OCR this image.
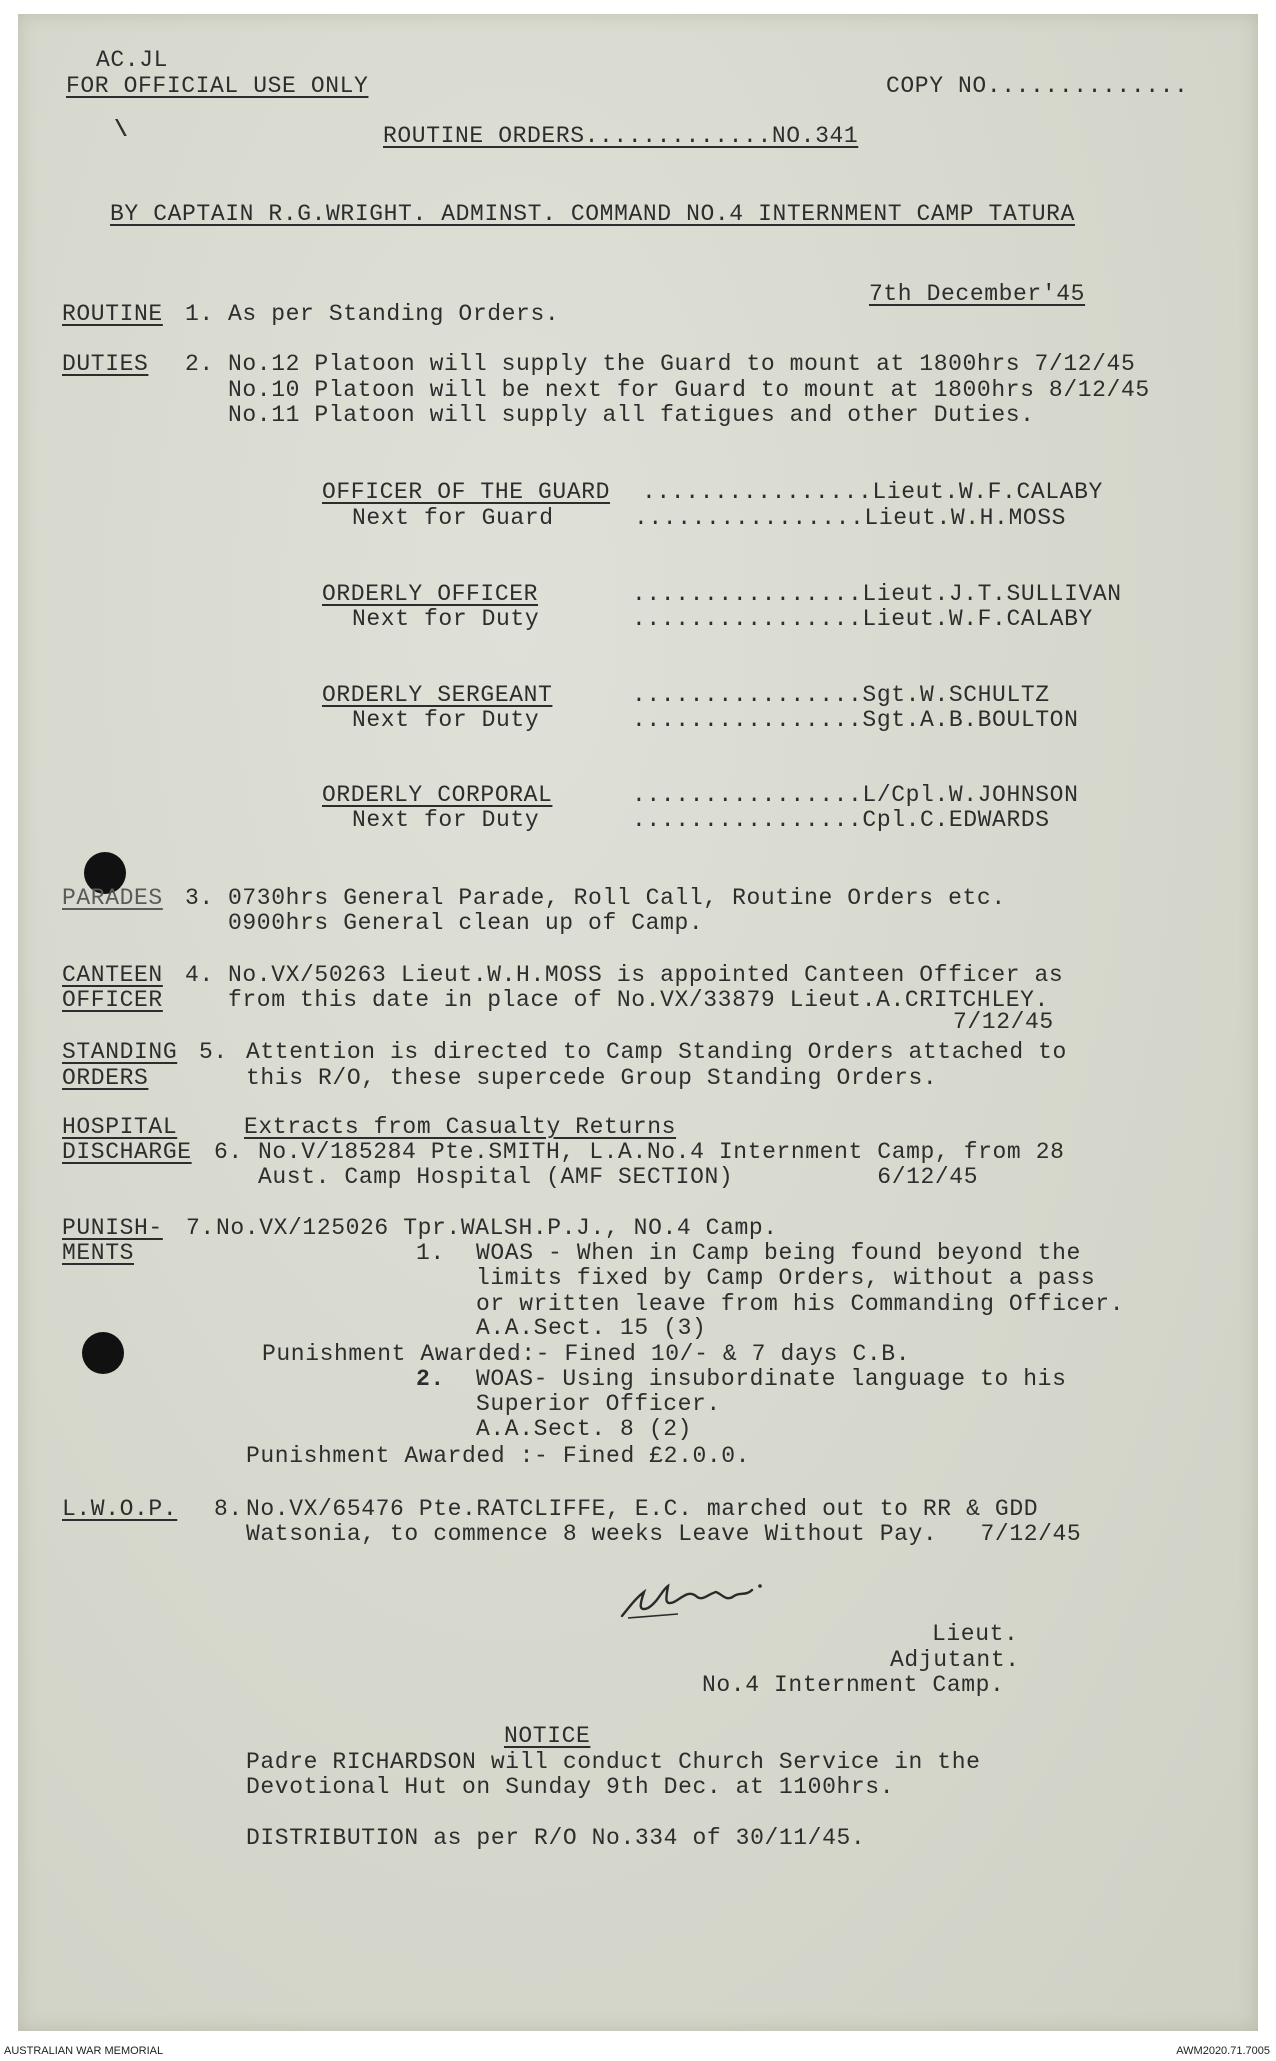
AC.JL
FOR OFFICIAL USE ONLY	COPY NO..............
\	ROUTINE ORDERS.............NO.341
BY CAPTAIN R.G.WRIGHT. ADMINST. COMMAND NO.4 INTERNMENT CAMP TATURA
7th December'45
ROUTINE 1. As per Standing Orders.
DUTIES 2. No.12 Platoon will supply the Guard to mount at 1800hrs 7/12/45
No.10 Platoon will be next for Guard to mount at 1800hrs 8/12/45
No.11 Platoon will supply all fatigues and other Duties.
OFFICER OF THE GUARD ................Lieut.W.F.CALABY
Next for Guard	................Lieut.W.H.MOSS
ORDERLY OFFICER	................Lieut.J.T.SULLIVAN
Next for Duty	................Lieut.W.F.CALABY
ORDERLY SERGEANT	................Sgt.W.SCHULTZ
Next for Duty	................Sgt.A.B.BOULTON
ORDERLY CORPORAL	................L/Cpl.W.JOHNSON
Next for Duty	................Cpl.C.EDWARDS
PARADES 3. 0730hrs General Parade, Roll Call, Routine Orders etc.
0900hrs General clean up of Camp.
CANTEEN
OFFICER
4. No.VX/50263 Lieut.W.H.MOSS is appointed Canteen Officer as
from this date in place of No.VX/33879 Lieut.A.CRITCHLEY.
7/12/45
STANDING
ORDERS
5. Attention is directed to Camp Standing Orders attached to
this R/O, these supercede Group Standing Orders.
HOSPITAL
DISCHARGE 6.
Extracts from Casualty Returns
No.V/185284 Pte.SMITH, L.A.No.4 Internment Camp, from 28
Aust. Camp Hospital (AMF SECTION)          6/12/45
PUNISH-
MENTS
7. No.VX/125026 Tpr.WALSH.P.J., NO.4 Camp.
1. WOAS - When in Camp being found beyond the
limits fixed by Camp Orders, without a pass
or written leave from his Commanding Officer.
A.A.Sect. 15 (3)
Punishment Awarded:- Fined 10/- & 7 days C.B.
2. WOAS- Using insubordinate language to his
Superior Officer.
A.A.Sect. 8 (2)
Punishment Awarded :- Fined £2.0.0.
L.W.O.P. 8. No.VX/65476 Pte.RATCLIFFE, E.C. marched out to RR & GDD
Watsonia, to commence 8 weeks Leave Without Pay.   7/12/45
Lieut.
Adjutant.
No.4 Internment Camp.
NOTICE
Padre RICHARDSON will conduct Church Service in the
Devotional Hut on Sunday 9th Dec. at 1100hrs.
DISTRIBUTION as per R/O No.334 of 30/11/45.
AUSTRALIAN WAR MEMORIAL	AWM2020.71.7005
